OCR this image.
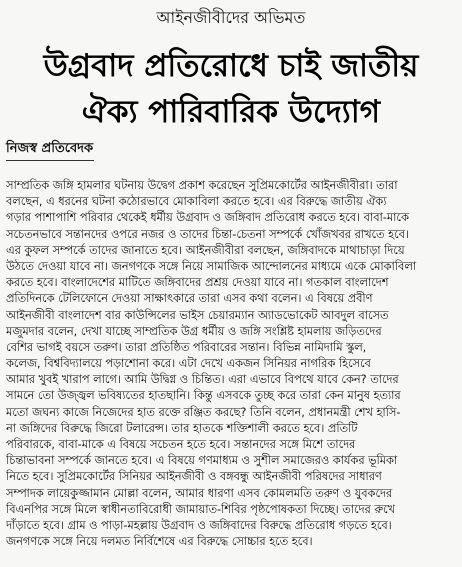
আইনজীবীদের অভিমত
উগ্রবাদ প্রতিরোধে চাই জাতীয়
ঐক্য পারিবারিক উদ্যোগ
নিজস্ব প্রতিবেদক
সাম্প্রতিক জঙ্গি হামলার ঘটনায় উদ্বেগ প্রকাশ করেছেন সুপ্রিমকোর্টের আইনজীবীরা। তারা
বলছেন, এ ধরনের ঘটনা কঠোরভাবে মোকাবিলা করতে হবে। এর বিরুদ্ধে জাতীয় ঐক্য
গড়ার পাশাপাশি পরিবার থেকেই ধর্মীয় উগ্রবাদ ও জঙ্গিবাদ প্রতিরোধ করতে হবে। বাবা-মাকে
সচেতনভাবে সন্তানদের ওপরে নজর ও তাদের চিন্তা-চেতনা সম্পর্কে খোঁজখবর রাখতে হবে।
এর কুফল সম্পর্কে তাদের জানাতে হবে। আইনজীবীরা বলছেন, জঙ্গিবাদকে মাথাচাড়া দিয়ে
উঠতে দেওয়া যাবে না। জনগণকে সঙ্গে নিয়ে সামাজিক আন্দোলনের মাধ্যমে একে মোকাবিলা
করতে হবে। বাংলাদেশের মাটিতে জঙ্গিবাদের প্রশ্রয় দেওয়া যাবে না। গতকাল বাংলাদেশ
প্রতিদিনকে টেলিফোনে দেওয়া সাক্ষাৎকারে তারা এসব কথা বলেন। এ বিষয়ে প্রবীণ
আইনজীবী বাংলাদেশ বার কাউন্সিলের ভাইস চেয়ারম্যান অ্যাডভোকেট আবদুল বাসেত
মজুমদার বলেন, দেখা যাচ্ছে সাম্প্রতিক উগ্র ধর্মীয় ও জঙ্গি সংশ্লিষ্ট হামলায় জড়িতদের
বেশির ভাগই বয়সে তরুণ। তারা প্রতিষ্ঠিত পরিবারের সন্তান। বিভিন্ন নামিদামি স্কুল,
কলেজ, বিশ্ববিদ্যালয়ে পড়াশোনা করে। এটা দেখে একজন সিনিয়র নাগরিক হিসেবে
আমার খুবই খারাপ লাগে। আমি উদ্বিগ্ন ও চিন্তিত। এরা এভাবে বিপথে যাবে কেন? তাদের
সামনে তো উজ্জ্বল ভবিষ্যতের হাতছানি। কিন্তু এসবকে তুচ্ছ করে তারা কেন মানুষ হত্যার
মতো জঘন্য কাজে নিজেদের হাত রক্তে রঞ্জিত করছে? তিনি বলেন, প্রধানমন্ত্রী শেখ হাসি-
না জঙ্গিদের বিরুদ্ধে জিরো টলারেন্স। তার হাতকে শক্তিশালী করতে হবে। প্রতিটি
পরিবারকে, বাবা-মাকে এ বিষয়ে সচেতন হতে হবে। সন্তানদের সঙ্গে মিশে তাদের
চিন্তাভাবনা সম্পর্কে জানতে হবে। এ বিষয়ে গণমাধ্যম ও সুশীল সমাজেরও কার্যকর ভূমিকা
নিতে হবে। সুপ্রিমকোর্টের সিনিয়র আইনজীবী ও বঙ্গবন্ধু আইনজীবী পরিষদের সাধারণ
সম্পাদক লায়েকুজ্জামান মোল্লা বলেন, আমার ধারণা এসব কোমলমতি তরুণ ও যুবকদের
বিএনপির সঙ্গে মিলে স্বাধীনতাবিরোধী জামায়াত-শিবির পৃষ্ঠপোষকতা দিচ্ছে। তাদের রুখে
দাঁড়াতে হবে। গ্রাম ও পাড়া-মহল্লায় উগ্রবাদ ও জঙ্গিবাদের বিরুদ্ধে প্রতিরোধ গড়তে হবে।
জনগণকে সঙ্গে নিয়ে দলমত নির্বিশেষে এর বিরুদ্ধে সোচ্চার হতে হবে।
